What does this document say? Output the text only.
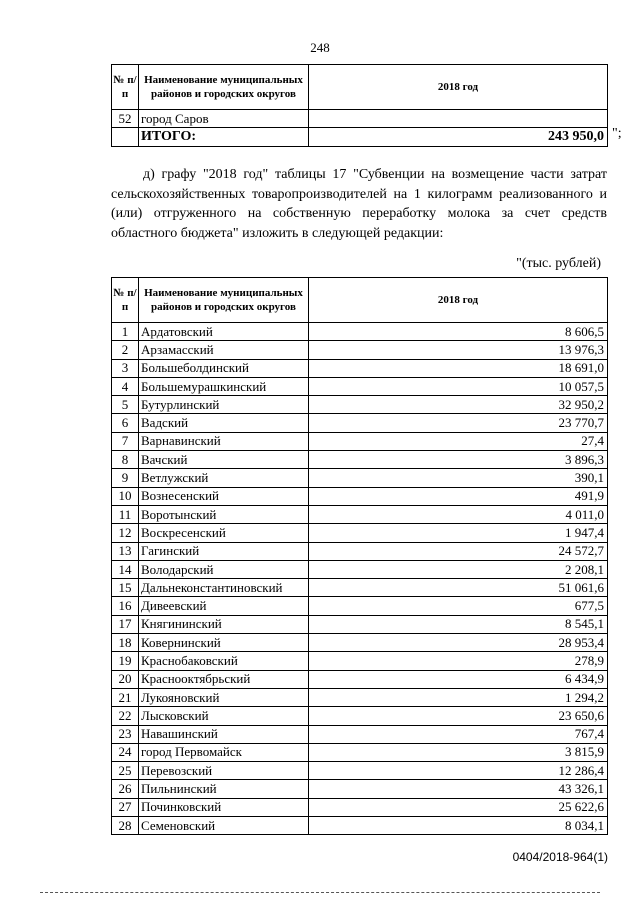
248
№ п/п	Наименование муниципальных районов и городских округов	2018 год
52	город Саров	
	ИТОГО:	243 950,0 ";
д) графу "2018 год" таблицы 17 "Субвенции на возмещение части затрат сельскохозяйственных товаропроизводителей на 1 килограмм реализованного и (или) отгруженного на собственную переработку молока за счет средств областного бюджета" изложить в следующей редакции:
"(тыс. рублей)
№ п/п	Наименование муниципальных районов и городских округов	2018 год
1	Ардатовский	8 606,5
2	Арзамасский	13 976,3
3	Большеболдинский	18 691,0
4	Большемурашкинский	10 057,5
5	Бутурлинский	32 950,2
6	Вадский	23 770,7
7	Варнавинский	27,4
8	Вачский	3 896,3
9	Ветлужский	390,1
10	Вознесенский	491,9
11	Воротынский	4 011,0
12	Воскресенский	1 947,4
13	Гагинский	24 572,7
14	Володарский	2 208,1
15	Дальнеконстантиновский	51 061,6
16	Дивеевский	677,5
17	Княгининский	8 545,1
18	Ковернинский	28 953,4
19	Краснобаковский	278,9
20	Краснооктябрьский	6 434,9
21	Лукояновский	1 294,2
22	Лысковский	23 650,6
23	Навашинский	767,4
24	город Первомайск	3 815,9
25	Перевозский	12 286,4
26	Пильнинский	43 326,1
27	Починковский	25 622,6
28	Семеновский	8 034,1
0404/2018-964(1)
